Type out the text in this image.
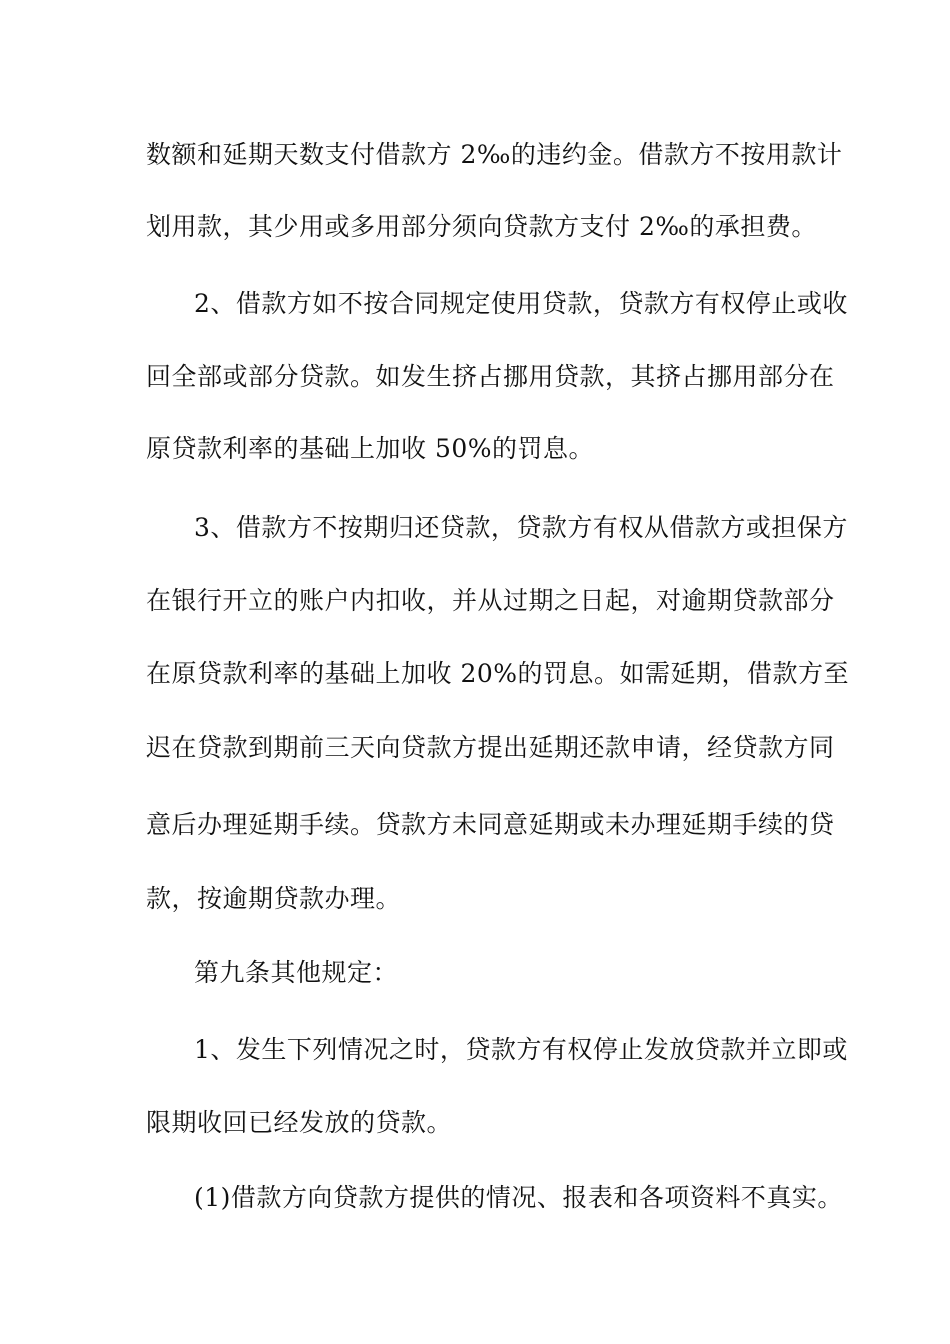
数额和延期天数支付借款方 2‰的违约金。借款方不按用款计
划用款，其少用或多用部分须向贷款方支付 2‰的承担费。
2、借款方如不按合同规定使用贷款，贷款方有权停止或收
回全部或部分贷款。如发生挤占挪用贷款，其挤占挪用部分在
原贷款利率的基础上加收 50%的罚息。
3、借款方不按期归还贷款，贷款方有权从借款方或担保方
在银行开立的账户内扣收，并从过期之日起，对逾期贷款部分
在原贷款利率的基础上加收 20%的罚息。如需延期，借款方至
迟在贷款到期前三天向贷款方提出延期还款申请，经贷款方同
意后办理延期手续。贷款方未同意延期或未办理延期手续的贷
款，按逾期贷款办理。
第九条其他规定：
1、发生下列情况之时，贷款方有权停止发放贷款并立即或
限期收回已经发放的贷款。
(1)借款方向贷款方提供的情况、报表和各项资料不真实。
